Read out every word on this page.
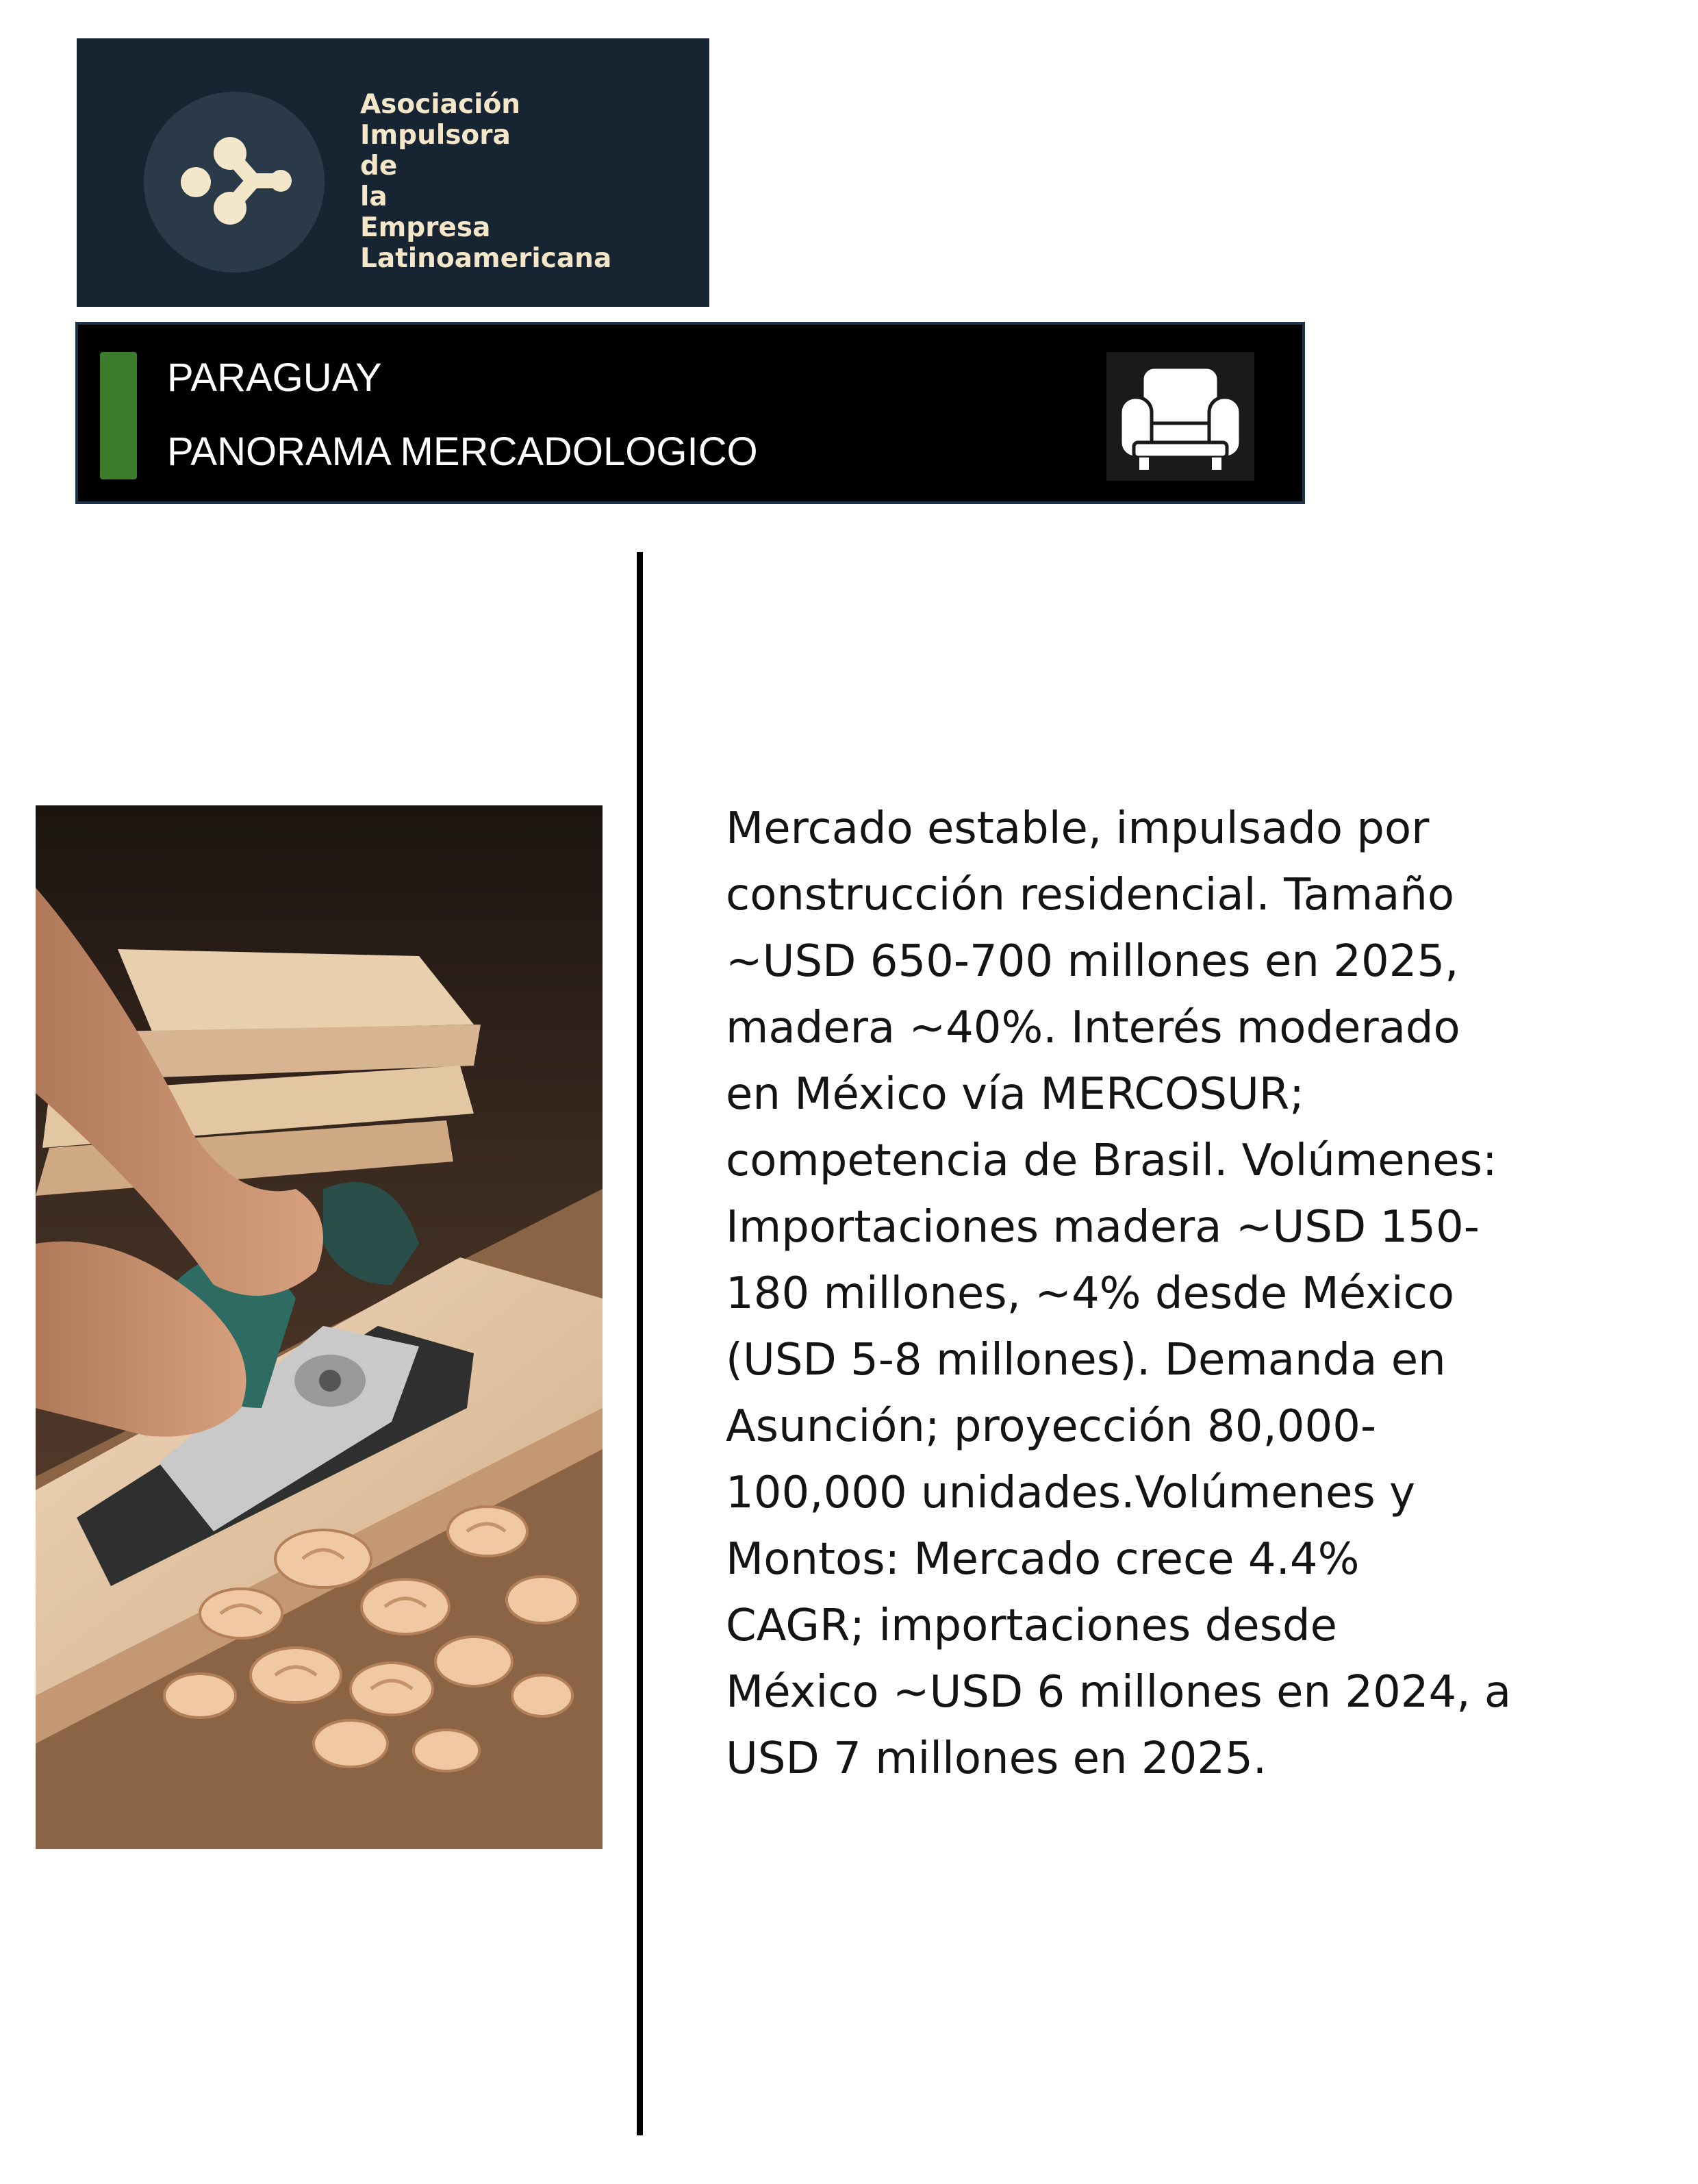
Asociación
Impulsora
de
la
Empresa
Latinoamericana
PARAGUAY
PANORAMA MERCADOLOGICO
Mercado estable, impulsado por
construcción residencial. Tamaño
~USD 650-700 millones en 2025,
madera ~40%. Interés moderado
en México vía MERCOSUR;
competencia de Brasil. Volúmenes:
Importaciones madera ~USD 150-
180 millones, ~4% desde México
(USD 5-8 millones). Demanda en
Asunción; proyección 80,000-
100,000 unidades.Volúmenes y
Montos: Mercado crece 4.4%
CAGR; importaciones desde
México ~USD 6 millones en 2024, a
USD 7 millones en 2025.
